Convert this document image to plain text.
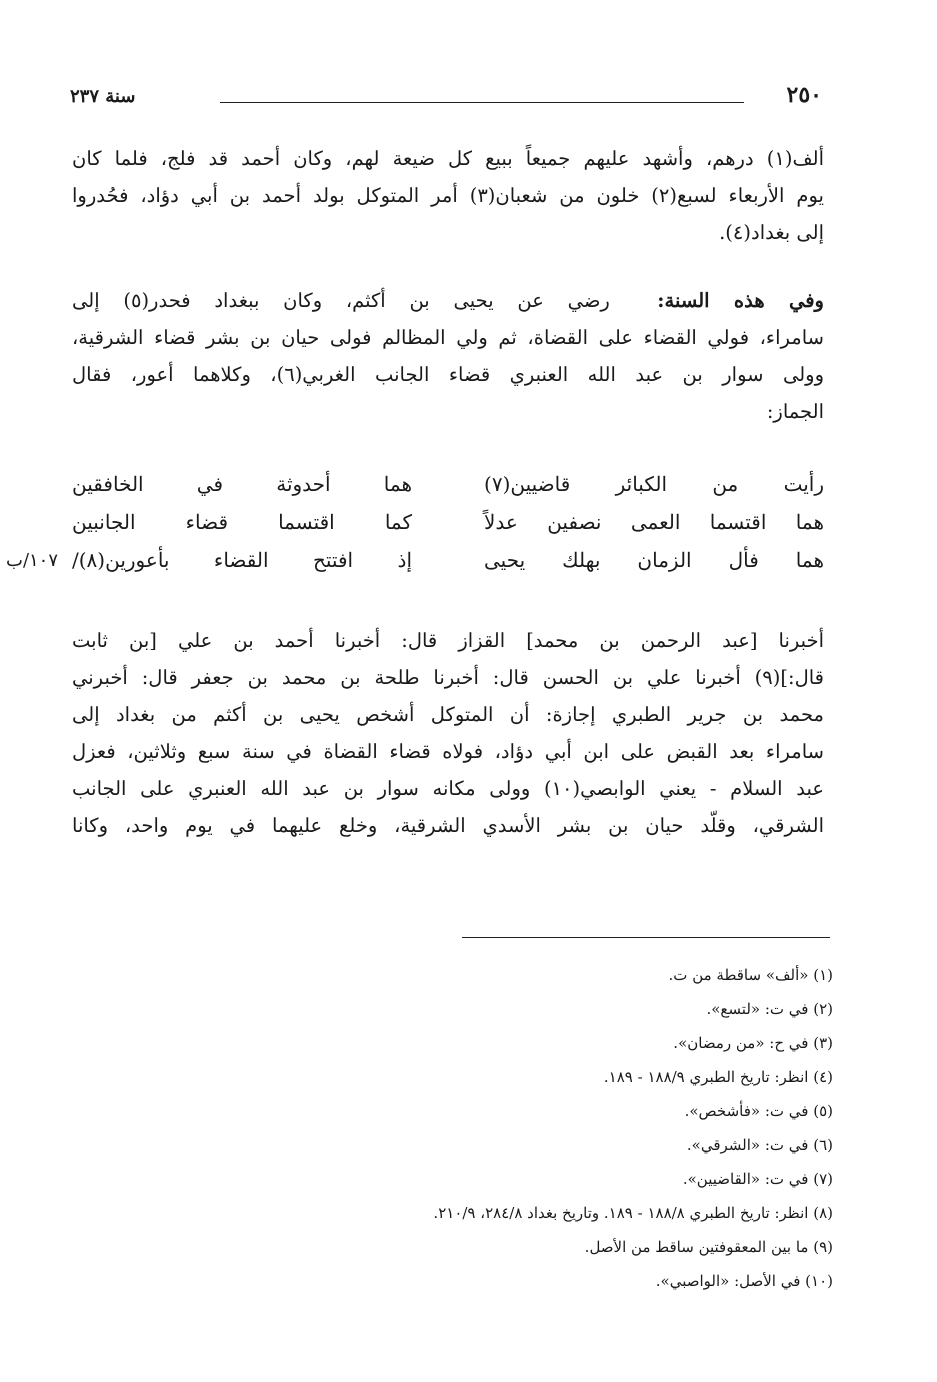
٢٥٠
سنة ٢٣٧
ألف(١) درهم، وأشهد عليهم جميعاً ببيع كل ضيعة لهم، وكان أحمد قد فلج، فلما كان
يوم الأربعاء لسبع(٢) خلون من شعبان(٣) أمر المتوكل بولد أحمد بن أبي دؤاد، فحُدروا
إلى بغداد(٤).
وفي هذه السنة:  رضي عن يحيى بن أكثم، وكان ببغداد فحدر(٥) إلى
سامراء، فولي القضاء على القضاة، ثم ولي المظالم فولى حيان بن بشر قضاء الشرقية،
وولى سوار بن عبد الله العنبري قضاء الجانب الغربي(٦)، وكلاهما أعور، فقال
الجماز:
رأيت من الكبائر قاضيين(٧)
هما أحدوثة في الخافقين
هما اقتسما العمى نصفين عدلاً
كما اقتسما قضاء الجانبين
هما فأل الزمان بهلك يحيى
إذ افتتح القضاء بأعورين(٨)/
١٠٧/ب
أخبرنا [عبد الرحمن بن محمد] القزاز قال: أخبرنا أحمد بن علي [بن ثابت
قال:](٩) أخبرنا علي بن الحسن قال: أخبرنا طلحة بن محمد بن جعفر قال: أخبرني
محمد بن جرير الطبري إجازة: أن المتوكل أشخص يحيى بن أكثم من بغداد إلى
سامراء بعد القبض على ابن أبي دؤاد، فولاه قضاء القضاة في سنة سبع وثلاثين، فعزل
عبد السلام - يعني الوابصي(١٠) وولى مكانه سوار بن عبد الله العنبري على الجانب
الشرقي، وقلّد حيان بن بشر الأسدي الشرقية، وخلع عليهما في يوم واحد، وكانا
(١) «ألف» ساقطة من ت.
(٢) في ت: «لتسع».
(٣) في ح: «من رمضان».
(٤) انظر: تاريخ الطبري ١٨٨/٩ - ١٨٩.
(٥) في ت: «فأشخص».
(٦) في ت: «الشرقي».
(٧) في ت: «القاضيين».
(٨) انظر: تاريخ الطبري ١٨٨/٨ - ١٨٩. وتاريخ بغداد ٢٨٤/٨، ٢١٠/٩.
(٩) ما بين المعقوفتين ساقط من الأصل.
(١٠) في الأصل: «الواصبي».
